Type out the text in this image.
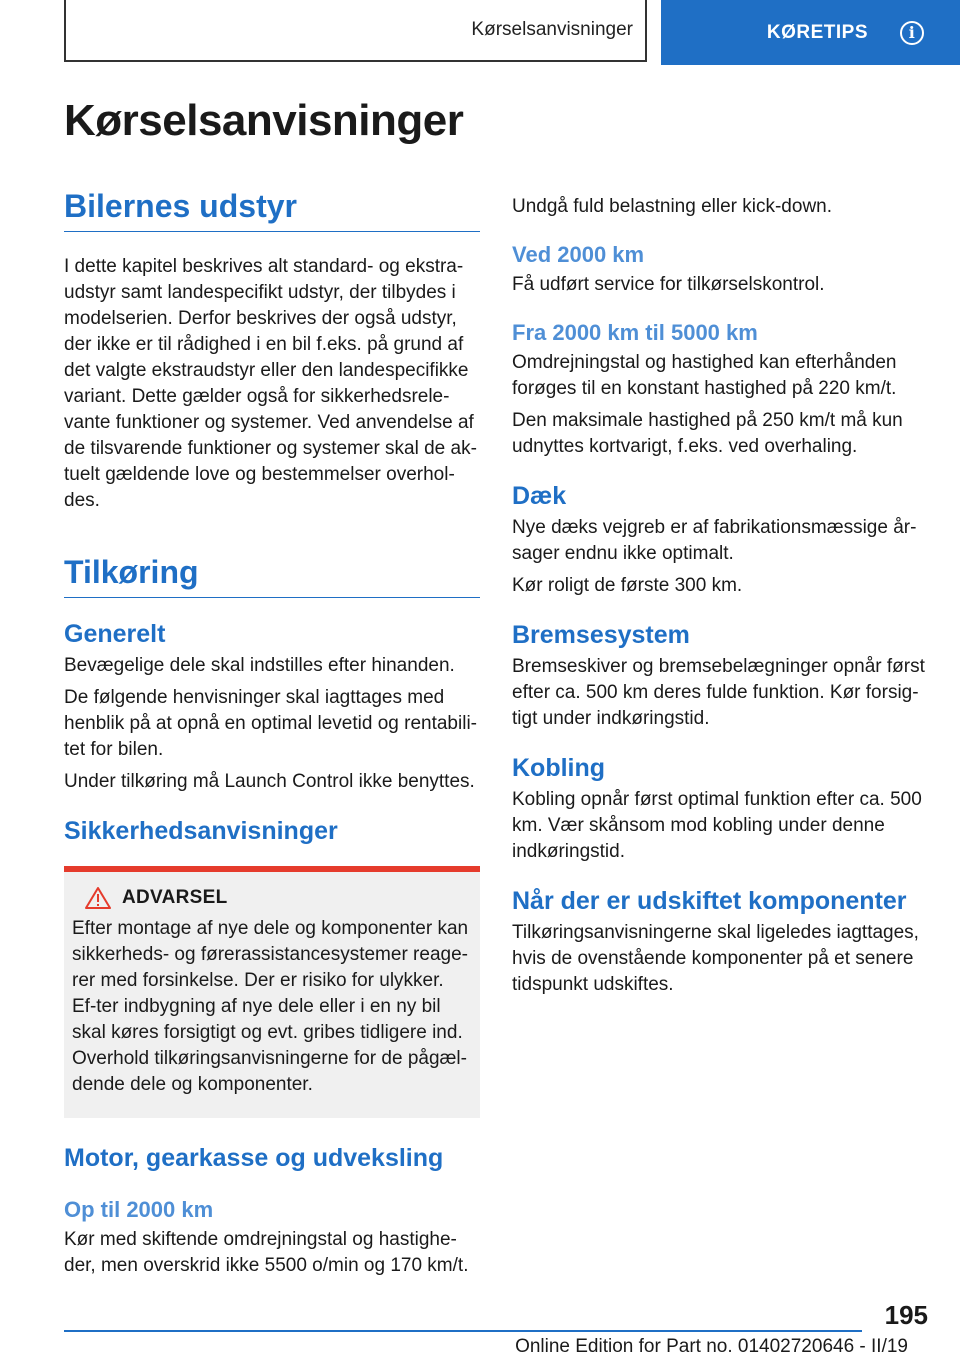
Kørselsanvisninger	KØRETIPS	i
Kørselsanvisninger
Bilernes udstyr

I dette kapitel beskrives alt standard- og ekstra-udstyr samt landespecifikt udstyr, der tilbydes i modelserien. Derfor beskrives der også udstyr, der ikke er til rådighed i en bil f.eks. på grund af det valgte ekstraudstyr eller den landespecifikke variant. Dette gælder også for sikkerhedsrele-vante funktioner og systemer. Ved anvendelse af de tilsvarende funktioner og systemer skal de ak-tuelt gældende love og bestemmelser overhol-des.

Tilkøring
Generelt

Bevægelige dele skal indstilles efter hinanden.

De følgende henvisninger skal iagttages med henblik på at opnå en optimal levetid og rentabili-tet for bilen.

Under tilkøring må Launch Control ikke benyttes.

Sikkerhedsanvisninger
ADVARSEL

Efter montage af nye dele og komponenter kan sikkerheds- og førerassistancesystemer reage-rer med forsinkelse. Der er risiko for ulykker. Ef-ter indbygning af nye dele eller i en ny bil skal køres forsigtigt og evt. gribes tidligere ind. Overhold tilkøringsanvisningerne for de pågæl-dende dele og komponenter.

Motor, gearkasse og udveksling
Op til 2000 km

Kør med skiftende omdrejningstal og hastighe-der, men overskrid ikke 5500 o/min og 170 km/t.

Undgå fuld belastning eller kick-down.

Ved 2000 km

Få udført service for tilkørselskontrol.

Fra 2000 km til 5000 km

Omdrejningstal og hastighed kan efterhånden forøges til en konstant hastighed på 220 km/t.

Den maksimale hastighed på 250 km/t må kun udnyttes kortvarigt, f.eks. ved overhaling.

Dæk

Nye dæks vejgreb er af fabrikationsmæssige år-sager endnu ikke optimalt.

Kør roligt de første 300 km.

Bremsesystem

Bremseskiver og bremsebelægninger opnår først efter ca. 500 km deres fulde funktion. Kør forsig-tigt under indkøringstid.

Kobling

Kobling opnår først optimal funktion efter ca. 500 km. Vær skånsom mod kobling under denne indkøringstid.

Når der er udskiftet komponenter

Tilkøringsanvisningerne skal ligeledes iagttages, hvis de ovenstående komponenter på et senere tidspunkt udskiftes.

195
Online Edition for Part no. 01402720646 - II/19
